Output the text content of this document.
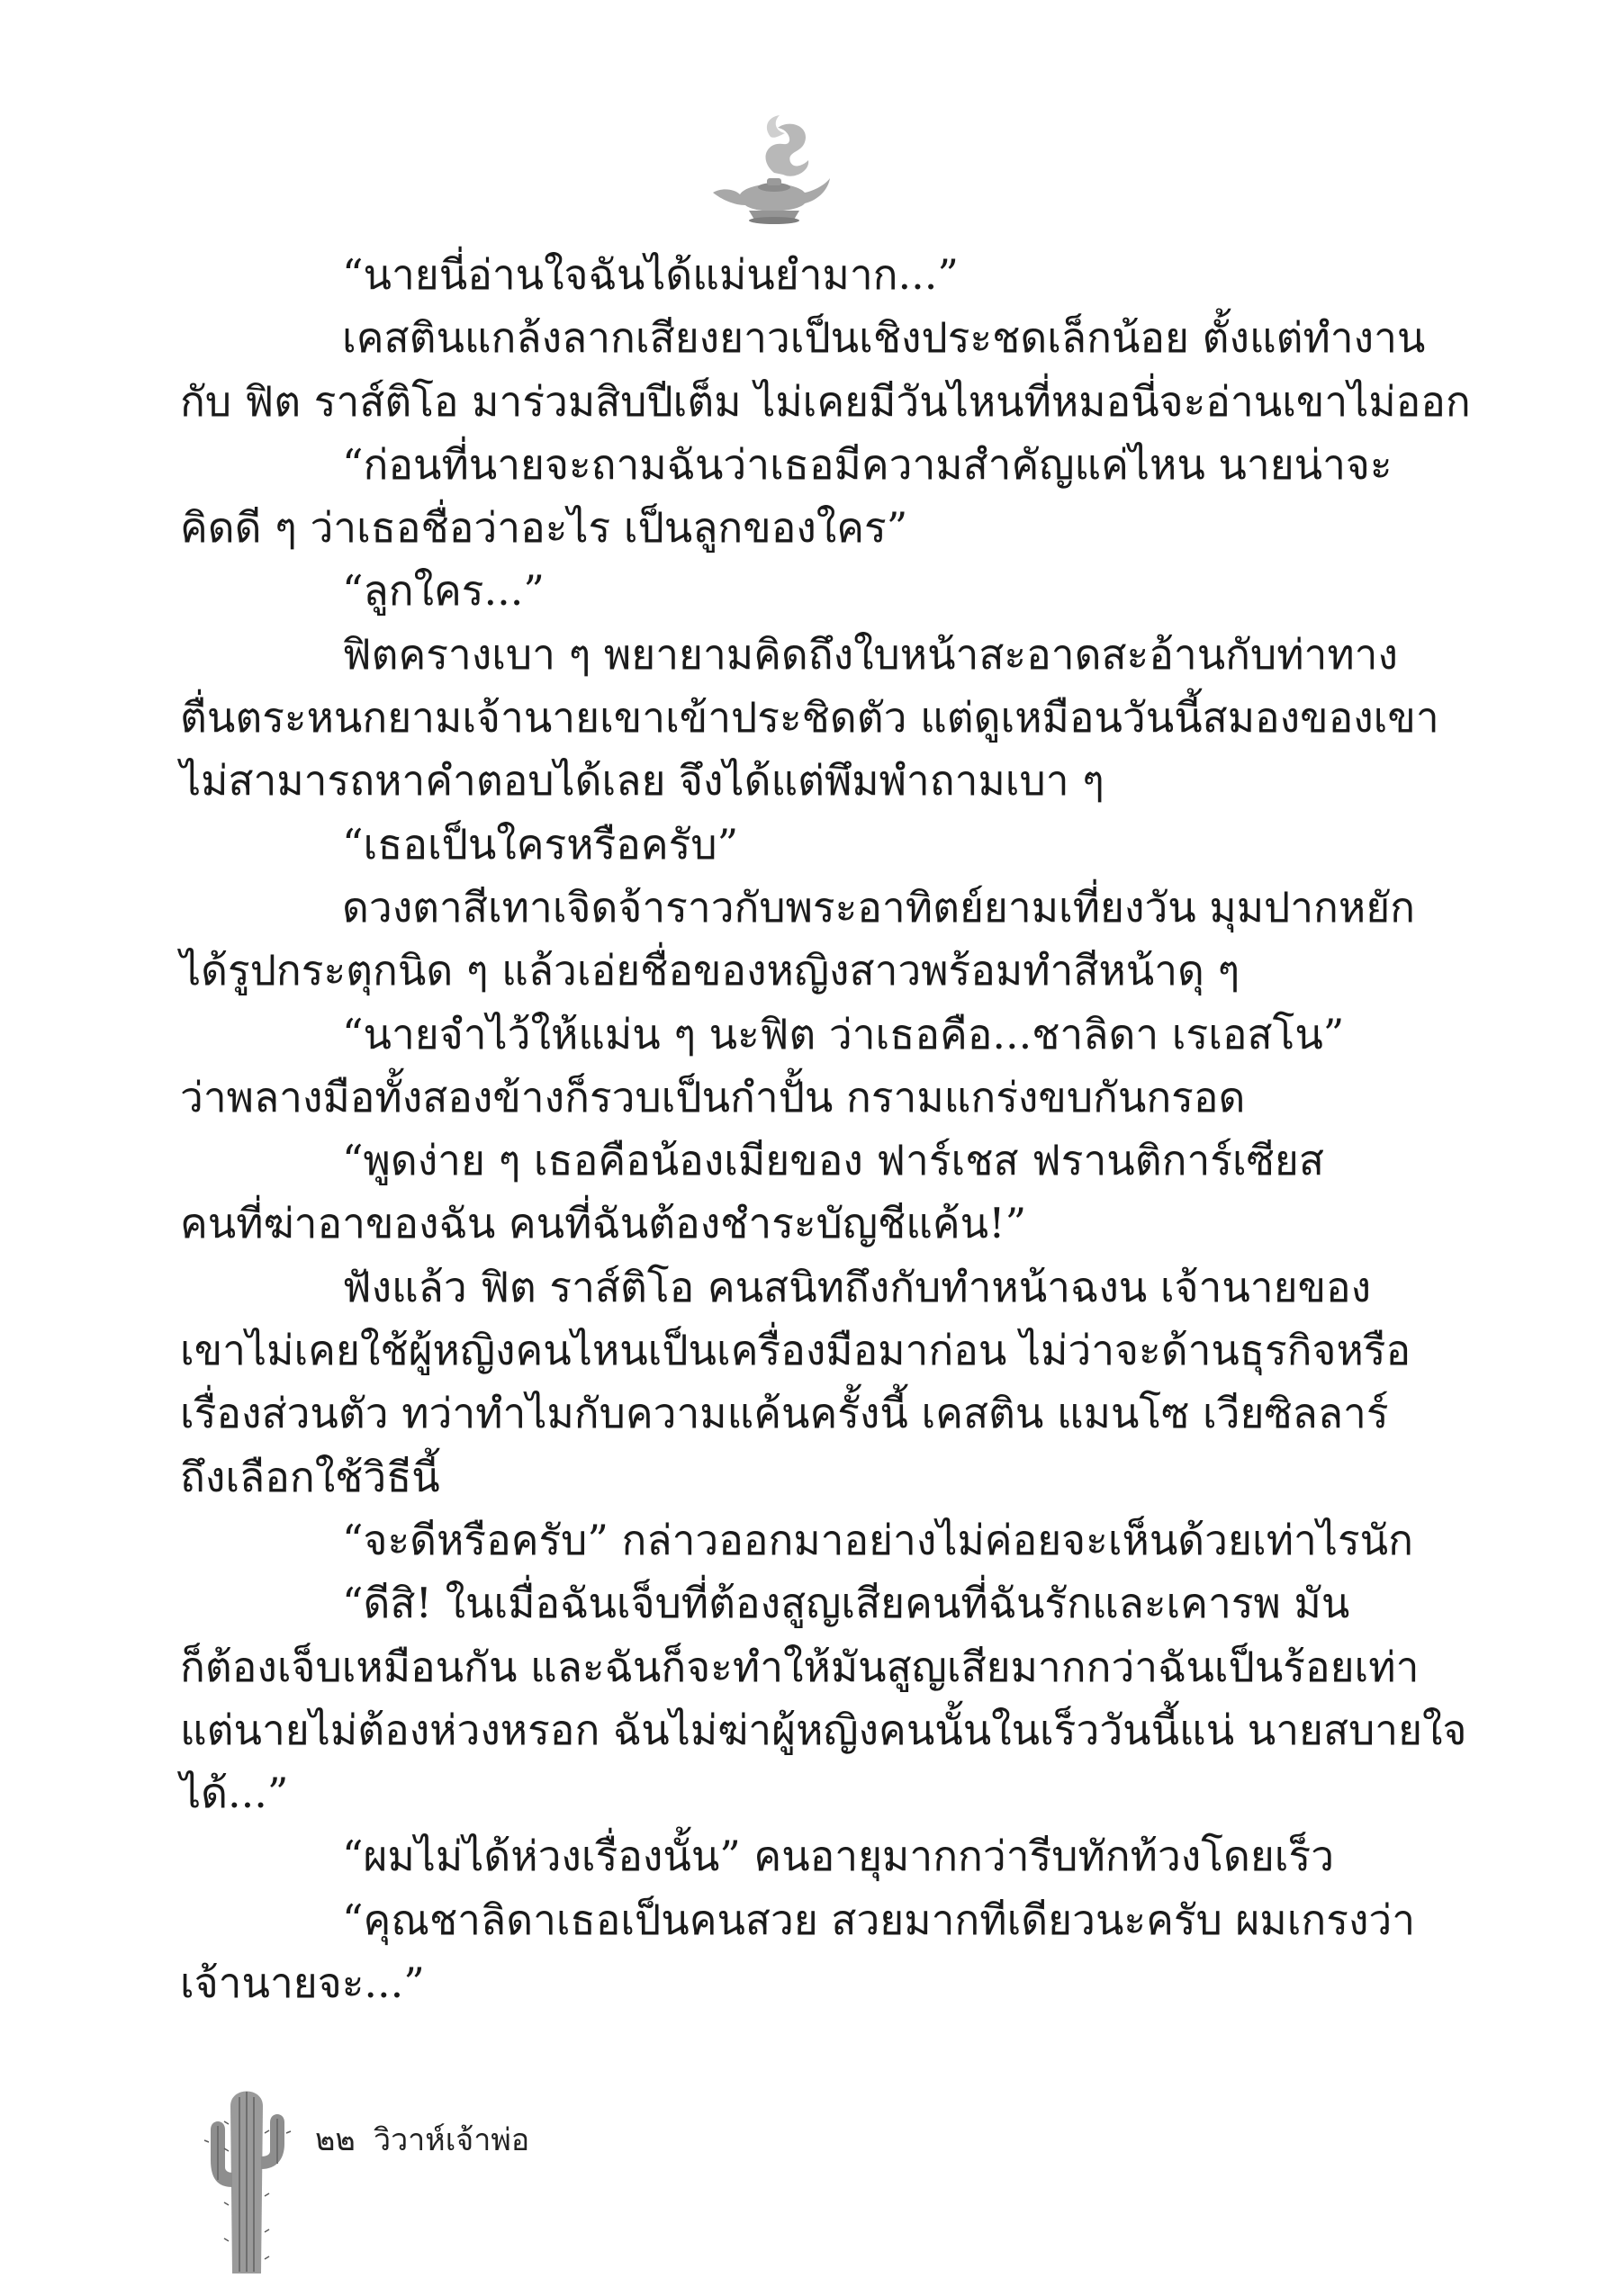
“นายนี่อ่านใจฉันได้แม่นยำมาก...”
เคสตินแกล้งลากเสียงยาวเป็นเชิงประชดเล็กน้อย ตั้งแต่ทำงาน
กับ ฟิต ราส์ติโอ มาร่วมสิบปีเต็ม ไม่เคยมีวันไหนที่หมอนี่จะอ่านเขาไม่ออก
“ก่อนที่นายจะถามฉันว่าเธอมีความสำคัญแค่ไหน นายน่าจะ
คิดดี ๆ ว่าเธอชื่อว่าอะไร เป็นลูกของใคร”
“ลูกใคร...”
ฟิตครางเบา ๆ พยายามคิดถึงใบหน้าสะอาดสะอ้านกับท่าทาง
ตื่นตระหนกยามเจ้านายเขาเข้าประชิดตัว แต่ดูเหมือนวันนี้สมองของเขา
ไม่สามารถหาคำตอบได้เลย จึงได้แต่พึมพำถามเบา ๆ
“เธอเป็นใครหรือครับ”
ดวงตาสีเทาเจิดจ้าราวกับพระอาทิตย์ยามเที่ยงวัน มุมปากหยัก
ได้รูปกระตุกนิด ๆ แล้วเอ่ยชื่อของหญิงสาวพร้อมทำสีหน้าดุ ๆ
“นายจำไว้ให้แม่น ๆ นะฟิต ว่าเธอคือ...ชาลิดา เรเอสโน”
ว่าพลางมือทั้งสองข้างก็รวบเป็นกำปั้น กรามแกร่งขบกันกรอด
“พูดง่าย ๆ เธอคือน้องเมียของ ฟาร์เชส ฟรานติการ์เซียส
คนที่ฆ่าอาของฉัน คนที่ฉันต้องชำระบัญชีแค้น!”
ฟังแล้ว ฟิต ราส์ติโอ คนสนิทถึงกับทำหน้าฉงน เจ้านายของ
เขาไม่เคยใช้ผู้หญิงคนไหนเป็นเครื่องมือมาก่อน ไม่ว่าจะด้านธุรกิจหรือ
เรื่องส่วนตัว ทว่าทำไมกับความแค้นครั้งนี้ เคสติน แมนโซ เวียซิลลาร์
ถึงเลือกใช้วิธีนี้
“จะดีหรือครับ” กล่าวออกมาอย่างไม่ค่อยจะเห็นด้วยเท่าไรนัก
“ดีสิ! ในเมื่อฉันเจ็บที่ต้องสูญเสียคนที่ฉันรักและเคารพ มัน
ก็ต้องเจ็บเหมือนกัน และฉันก็จะทำให้มันสูญเสียมากกว่าฉันเป็นร้อยเท่า
แต่นายไม่ต้องห่วงหรอก ฉันไม่ฆ่าผู้หญิงคนนั้นในเร็ววันนี้แน่ นายสบายใจ
ได้...”
“ผมไม่ได้ห่วงเรื่องนั้น” คนอายุมากกว่ารีบทักท้วงโดยเร็ว
“คุณชาลิดาเธอเป็นคนสวย สวยมากทีเดียวนะครับ ผมเกรงว่า
เจ้านายจะ...”
๒๒ วิวาห์เจ้าพ่อ
